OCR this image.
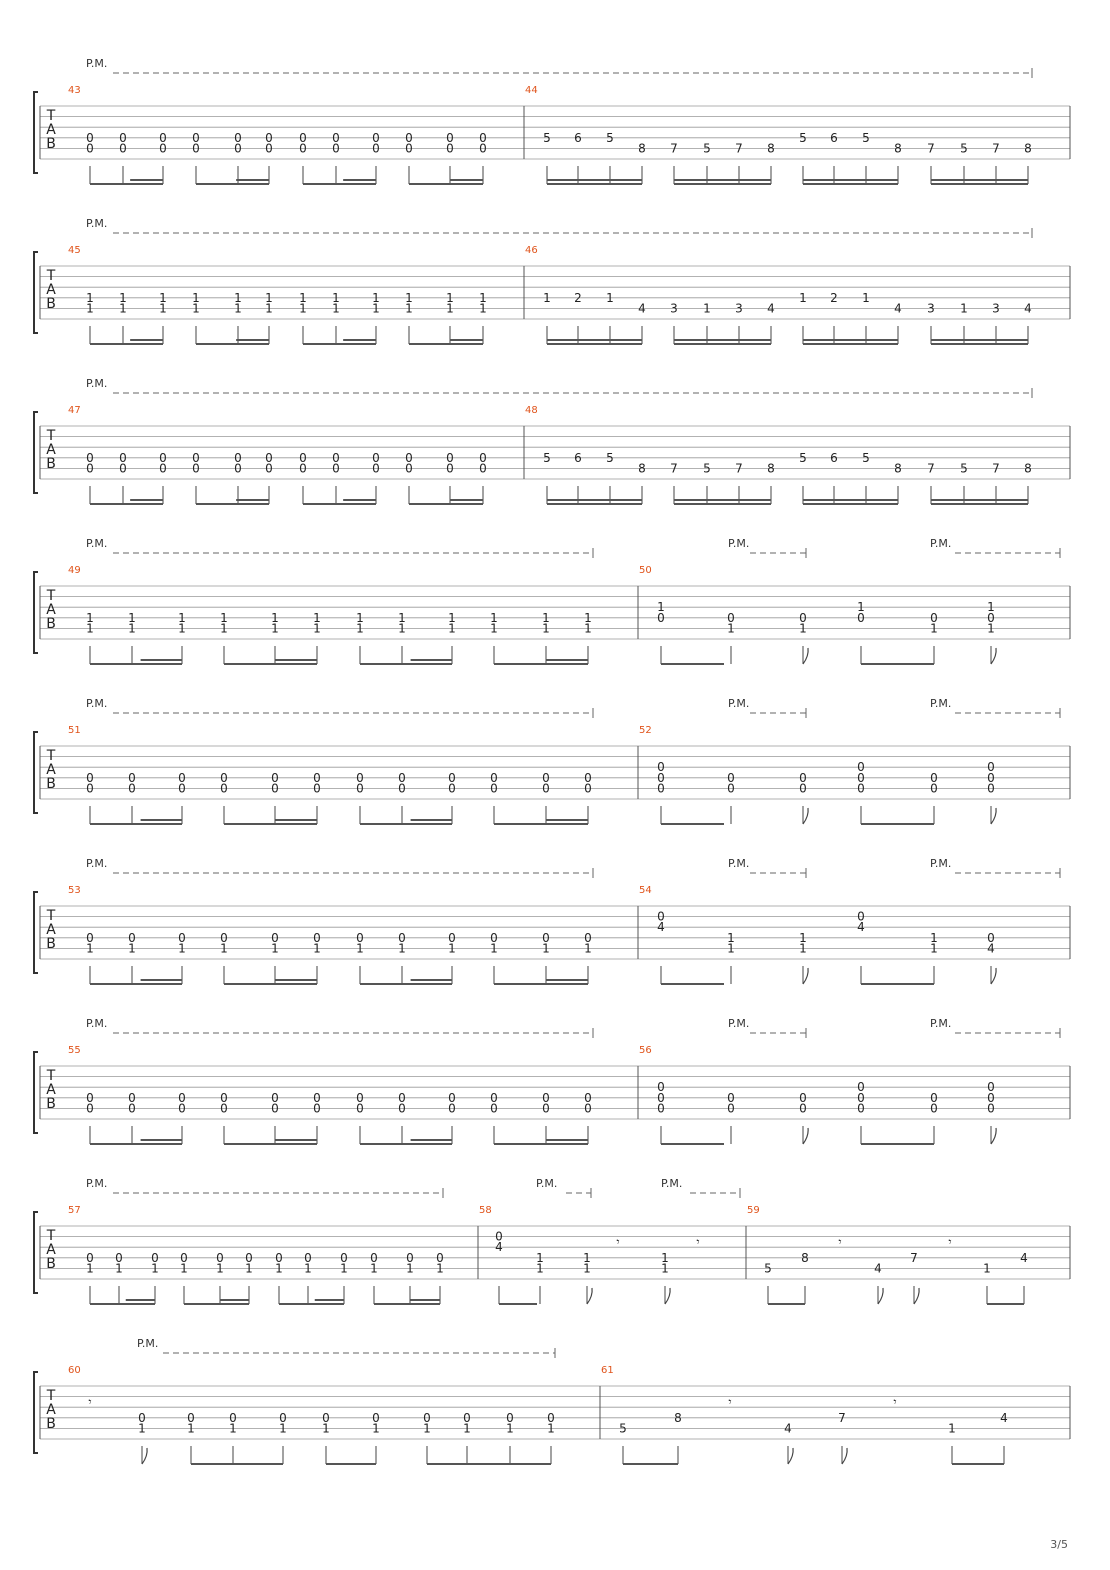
T
A
B
43
P.M.
0
0
0
0
0
0
0
0
0
0
0
0
0
0
0
0
0
0
0
0
0
0
0
0
44
5 6 5
8 7 5 7 8
5 6 5
8 7 5 7 8
T
A
B
45
P.M.
1
1
1
1
1
1
1
1
1
1
1
1
1
1
1
1
1
1
1
1
1
1
1
1
46
1 2 1
4 3 1 3 4
1 2 1
4 3 1 3 4
T
A
B
47
P.M.
0
0
0
0
0
0
0
0
0
0
0
0
0
0
0
0
0
0
0
0
0
0
0
0
48
5 6 5
8 7 5 7 8
5 6 5
8 7 5 7 8
T
A
B
49
P.M.
1
1
1
1
1
1
1
1
1
1
1
1
1
1
1
1
1
1
1
1
1
1
1
1
50
P.M.	P.M.
1
0	0
1
0
1
1
0	0
1
1
0
1
T
A
B
51
P.M.
0
0
0
0
0
0
0
0
0
0
0
0
0
0
0
0
0
0
0
0
0
0
0
0
52
P.M.	P.M.
0
0
0
0
0
0
0
0
0
0
0
0
0
0
0
T
A
B
53
P.M.
0
1
0
1
0
1
0
1
0
1
0
1
0
1
0
1
0
1
0
1
0
1
0
1
54
P.M.	P.M.
0
4
1
1
1
1
0
4
1
1
0
4
T
A
B
55
P.M.
0
0
0
0
0
0
0
0
0
0
0
0
0
0
0
0
0
0
0
0
0
0
0
0
56
P.M.	P.M.
0
0
0
0
0
0
0
0
0
0
0
0
0
0
0
T
A
B
57
P.M.
0
1
0
1
0
1
0
1
0
1
0
1
0
1
0
1
0
1
0
1
0
1
0
1
58
P.M.	P.M.
0
4
1
1
1
1
1
1
𝄾	𝄾
59
5
8
4
7
1
4
𝄾	𝄾
T
A
B
60
P.M.
0
1
0
1
0
1
0
1
0
1
0
1
0
1
0
1
0
1
0
1
𝄾
61
5
8
4
7
1
4
𝄾	𝄾
3/5
